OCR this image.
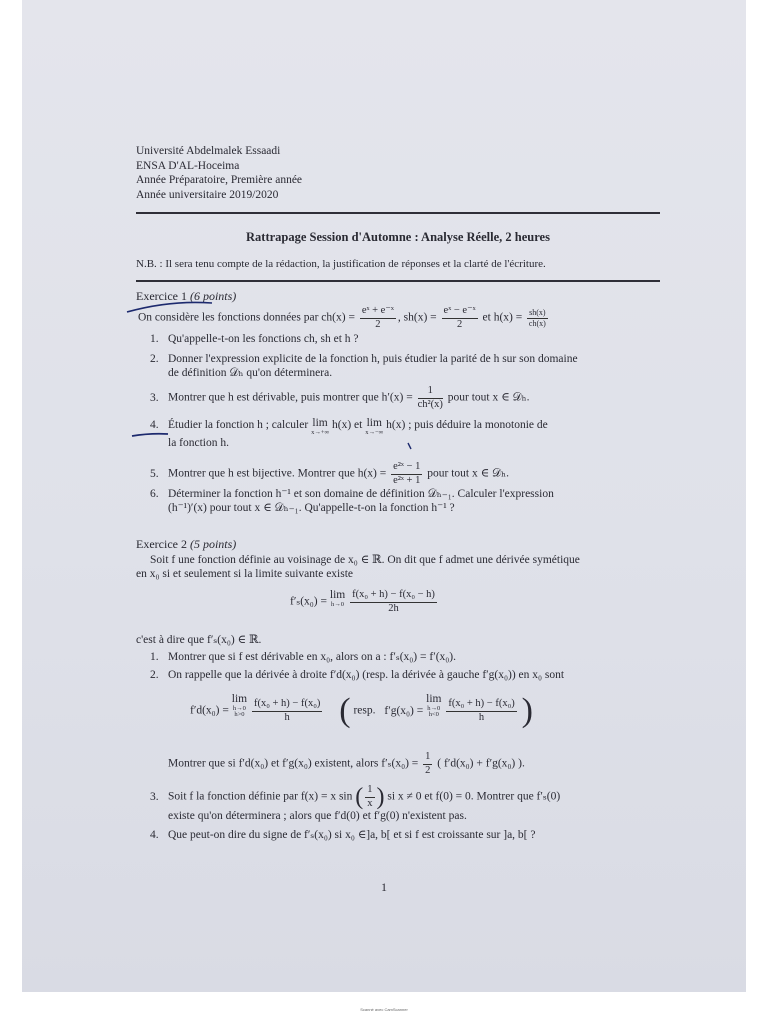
Université Abdelmalek Essaadi
ENSA D'AL-Hoceima
Année Préparatoire, Première année
Année universitaire 2019/2020
Rattrapage Session d'Automne : Analyse Réelle, 2 heures
N.B. : Il sera tenu compte de la rédaction, la justification de réponses et la clarté de l'écriture.
Exercice 1 (6 points)
On considère les fonctions données par $ch(x) = \frac{\text{eˣ + e⁻ˣ}}{2}$ , $sh(x) = \frac{\text{eˣ − e⁻ˣ}}{2}$ et $h(x) = \frac{sh(x)}{ch(x)}$
1. Qu'appelle-t-on les fonctions ch, sh et h ?
2. Donner l'expression explicite de la fonction h, puis étudier la parité de h sur son domaine
de définition 𝒟ₕ qu'on déterminera.
3. Montrer que h est dérivable, puis montrer que $h'(x) = \frac{1}{\text{ch²(x)}}$ pour tout x ∈ 𝒟ₕ.
4. Étudier la fonction h ; calculer lim
x→+∞
h(x) et lim
x→−∞
h(x) ; puis déduire la monotonie de
la fonction h.
5. Montrer que h est bijective. Montrer que $h(x) = \frac{\text{e²ˣ − 1}}{\text{e²ˣ + 1}}$ pour tout x ∈ 𝒟ₕ.
6. Déterminer la fonction h⁻¹ et son domaine de définition 𝒟ₕ₋₁. Calculer l'expression
(h⁻¹)′(x) pour tout x ∈ 𝒟ₕ₋₁. Qu'appelle-t-on la fonction h⁻¹ ?
Exercice 2 (5 points)
Soit f une fonction définie au voisinage de x₀ ∈ ℝ. On dit que f admet une dérivée symétique
en x₀ si et seulement si la limite suivante existe
f′ₛ(x₀) =
lim
h→0
$\frac{\text{f(x₀ + h) − f(x₀ − h)}}{2h}$
c'est à dire que f′ₛ(x₀) ∈ ℝ.
1. Montrer que si f est dérivable en x₀, alors on a : f′ₛ(x₀) = f′(x₀).
2. On rappelle que la dérivée à droite f′d(x₀) (resp. la dérivée à gauche f′g(x₀)) en x₀ sont
f′d(x₀) =
lim
h→0
h>0
$\frac{\text{f(x₀ + h) − f(x₀)}}{h}$ ( resp. f′g(x₀) =
lim
h→0
h<0
$\frac{\text{f(x₀ + h) − f(x₀)}}{h}$ )
Montrer que si f′d(x₀) et f′g(x₀) existent, alors $f'_s(x_0) = \frac{1}{2}$ ( f′d(x₀) + f′g(x₀) ).
3. Soit f la fonction définie par f(x) = x sin ( $\frac{1}{x}$ ) si x ≠ 0 et f(0) = 0. Montrer que f′ₛ(0)
existe qu'on déterminera ; alors que f′d(0) et f′g(0) n'existent pas.
4. Que peut-on dire du signe de f′ₛ(x₀) si x₀ ∈]a, b[ et si f est croissante sur ]a, b[ ?
1
Scanné avec CamScanner
